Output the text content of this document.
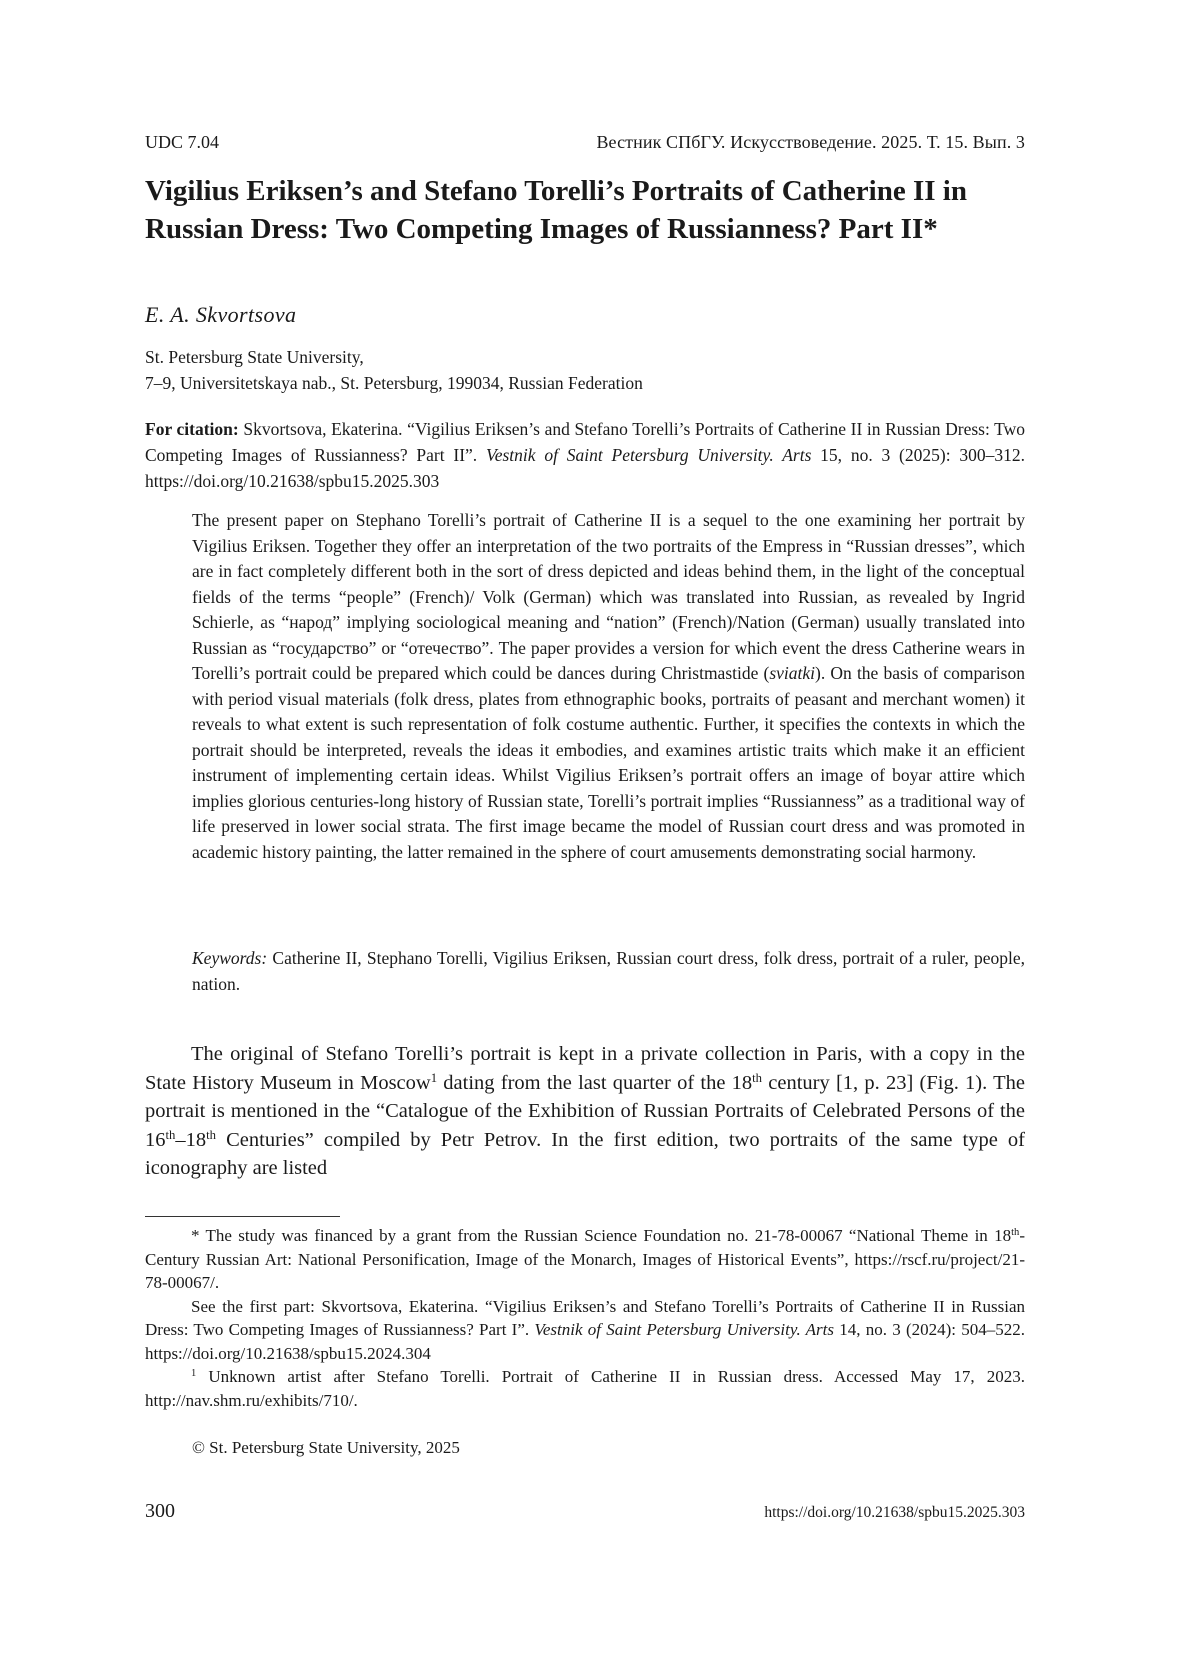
UDC 7.04	Вестник СПбГУ. Искусствоведение. 2025. Т. 15. Вып. 3
Vigilius Eriksen’s and Stefano Torelli’s Portraits of Catherine II in Russian Dress: Two Competing Images of Russianness? Part II*
E. A. Skvortsova
St. Petersburg State University,
7–9, Universitetskaya nab., St. Petersburg, 199034, Russian Federation

For citation: Skvortsova, Ekaterina. “Vigilius Eriksen’s and Stefano Torelli’s Portraits of Catherine II in Russian Dress: Two Competing Images of Russianness? Part II”. Vestnik of Saint Petersburg University. Arts 15, no. 3 (2025): 300–312. https://doi.org/10.21638/spbu15.2025.303

The present paper on Stephano Torelli’s portrait of Catherine II is a sequel to the one examining her portrait by Vigilius Eriksen. Together they offer an interpretation of the two portraits of the Empress in “Russian dresses”, which are in fact completely different both in the sort of dress depicted and ideas behind them, in the light of the conceptual fields of the terms “people” (French)/ Volk (German) which was translated into Russian, as revealed by Ingrid Schierle, as “народ” implying sociological meaning and “nation” (French)/Nation (German) usually translated into Russian as “государство” or “отечество”. The paper provides a version for which event the dress Catherine wears in Torelli’s portrait could be prepared which could be dances during Christmastide (sviatki). On the basis of comparison with period visual materials (folk dress, plates from ethnographic books, portraits of peasant and merchant women) it reveals to what extent is such representation of folk costume authentic. Further, it specifies the contexts in which the portrait should be interpreted, reveals the ideas it embodies, and examines artistic traits which make it an efficient instrument of implementing certain ideas. Whilst Vigilius Eriksen’s portrait offers an image of boyar attire which implies glorious centuries-long history of Russian state, Torelli’s portrait implies “Russianness” as a traditional way of life preserved in lower social strata. The first image became the model of Russian court dress and was promoted in academic history painting, the latter remained in the sphere of court amusements demonstrating social harmony.

Keywords: Catherine II, Stephano Torelli, Vigilius Eriksen, Russian court dress, folk dress, portrait of a ruler, people, nation.

The original of Stefano Torelli’s portrait is kept in a private collection in Paris, with a copy in the State History Museum in Moscow$^1$ dating from the last quarter of the 18th century [1, p. 23] (Fig. 1). The portrait is mentioned in the “Catalogue of the Exhibition of Russian Portraits of Celebrated Persons of the 16th–18th Centuries” compiled by Petr Petrov. In the first edition, two portraits of the same type of iconography are listed

* The study was financed by a grant from the Russian Science Foundation no. 21-78-00067 “National Theme in 18th-Century Russian Art: National Personification, Image of the Monarch, Images of Historical Events”, https://rscf.ru/project/21-78-00067/.

See the first part: Skvortsova, Ekaterina. “Vigilius Eriksen’s and Stefano Torelli’s Portraits of Catherine II in Russian Dress: Two Competing Images of Russianness? Part I”. Vestnik of Saint Petersburg University. Arts 14, no. 3 (2024): 504–522. https://doi.org/10.21638/spbu15.2024.304

$^1$ Unknown artist after Stefano Torelli. Portrait of Catherine II in Russian dress. Accessed May 17, 2023. http://nav.shm.ru/exhibits/710/.

© St. Petersburg State University, 2025
300	https://doi.org/10.21638/spbu15.2025.303
